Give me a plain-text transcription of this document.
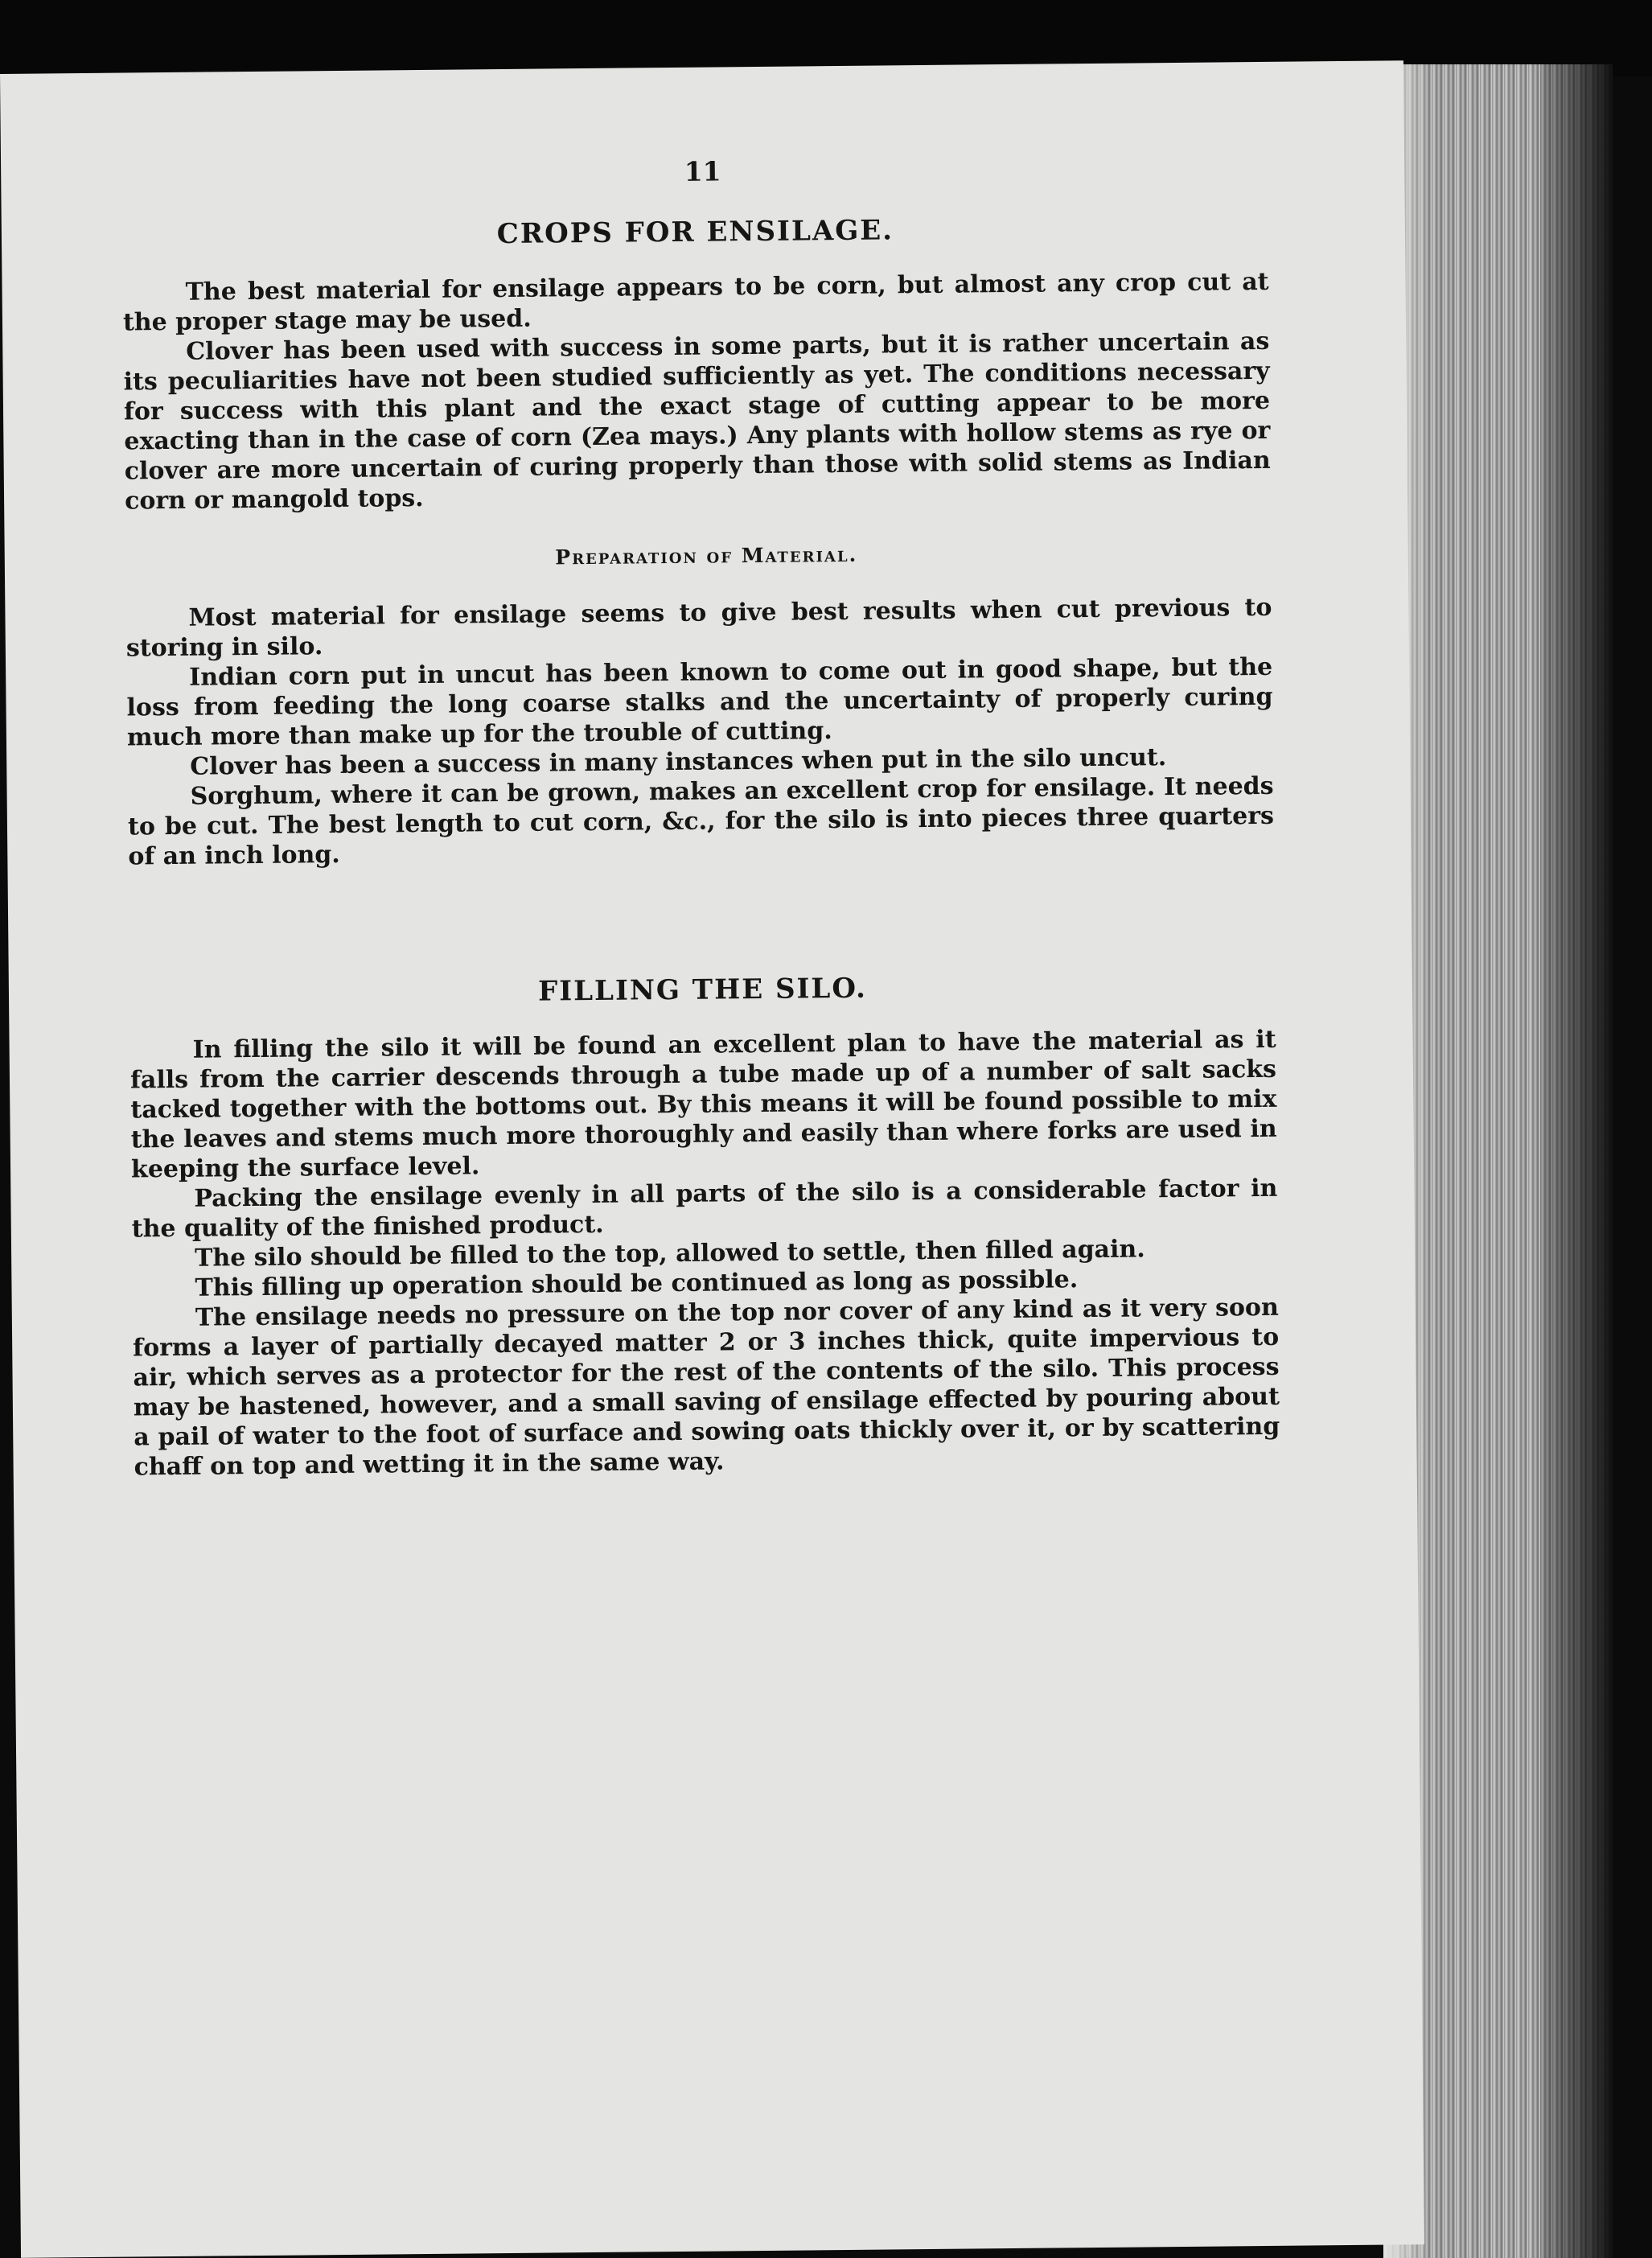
11
CROPS FOR ENSILAGE.

The best material for ensilage appears to be corn, but almost any crop cut at the proper stage may be used.

Clover has been used with success in some parts, but it is rather uncertain as its peculiarities have not been studied sufficiently as yet. The conditions necessary for success with this plant and the exact stage of cutting appear to be more exacting than in the case of corn (Zea mays.) Any plants with hollow stems as rye or clover are more uncertain of curing properly than those with solid stems as Indian corn or mangold tops.

Preparation of Material.

Most material for ensilage seems to give best results when cut previous to storing in silo.

Indian corn put in uncut has been known to come out in good shape, but the loss from feeding the long coarse stalks and the uncertainty of properly curing much more than make up for the trouble of cutting.

Clover has been a success in many instances when put in the silo uncut.

Sorghum, where it can be grown, makes an excellent crop for ensilage. It needs to be cut. The best length to cut corn, &c., for the silo is into pieces three quarters of an inch long.

FILLING THE SILO.

In filling the silo it will be found an excellent plan to have the material as it falls from the carrier descends through a tube made up of a number of salt sacks tacked together with the bottoms out. By this means it will be found possible to mix the leaves and stems much more thoroughly and easily than where forks are used in keeping the surface level.

Packing the ensilage evenly in all parts of the silo is a considerable factor in the quality of the finished product.

The silo should be filled to the top, allowed to settle, then filled again.

This filling up operation should be continued as long as possible.

The ensilage needs no pressure on the top nor cover of any kind as it very soon forms a layer of partially decayed matter 2 or 3 inches thick, quite impervious to air, which serves as a protector for the rest of the contents of the silo. This process may be hastened, however, and a small saving of ensilage effected by pouring about a pail of water to the foot of surface and sowing oats thickly over it, or by scattering chaff on top and wetting it in the same way.
